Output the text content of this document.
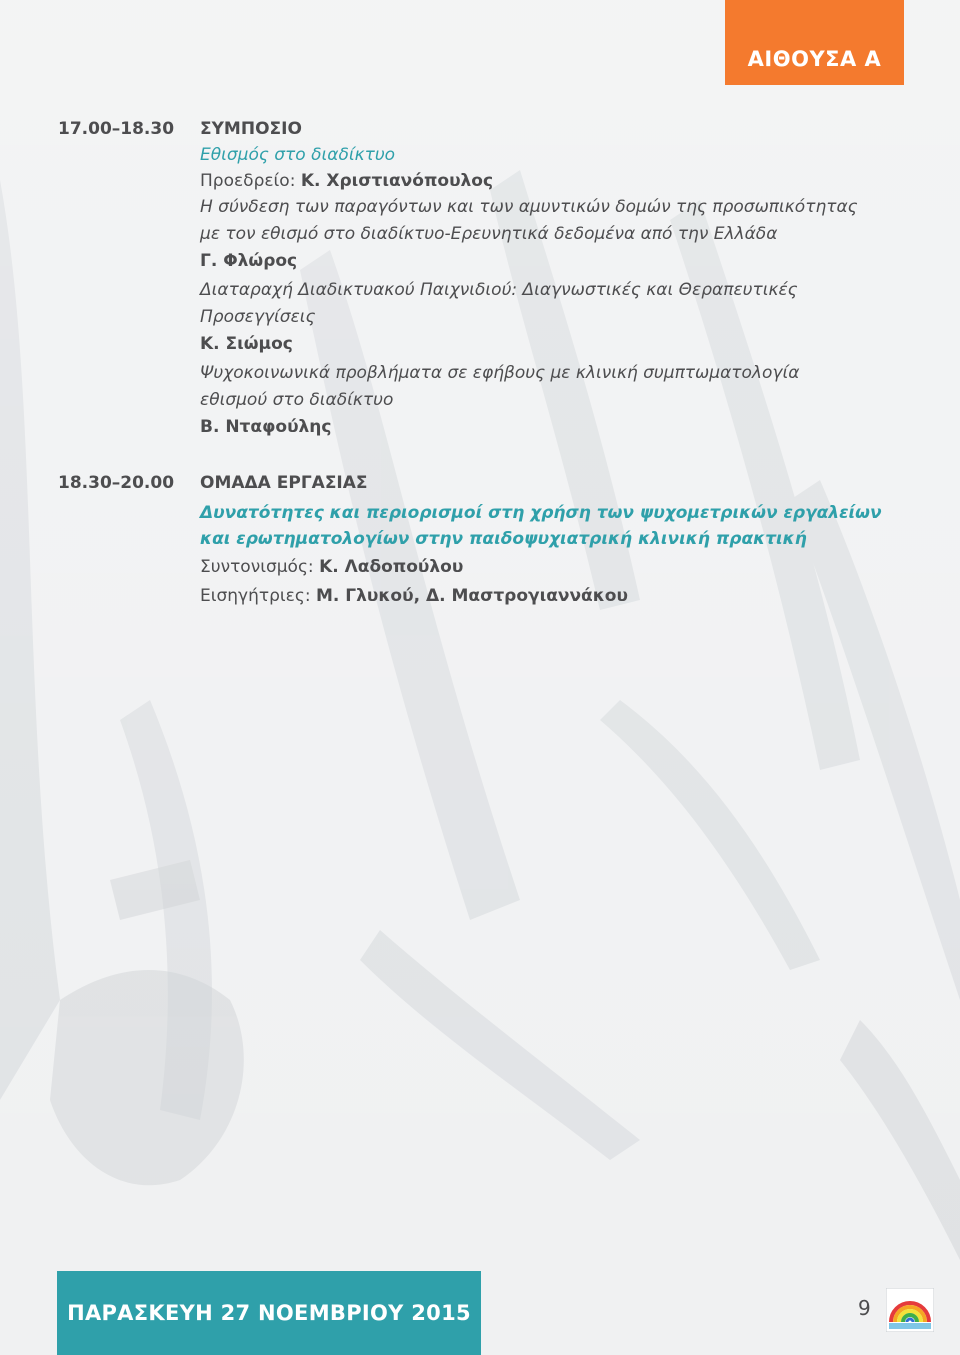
ΑΙΘΟΥΣΑ Α
17.00–18.30	ΣΥΜΠΟΣΙΟ
Εθισμός στο διαδίκτυο
Προεδρείο: Κ. Χριστιανόπουλος
Η σύνδεση των παραγόντων και των αμυντικών δομών της προσωπικότητας
με τον εθισμό στο διαδίκτυο-Ερευνητικά δεδομένα από την Ελλάδα
Γ. Φλώρος
Διαταραχή Διαδικτυακού Παιχνιδιού: Διαγνωστικές και Θεραπευτικές
Προσεγγίσεις
Κ. Σιώμος
Ψυχοκοινωνικά προβλήματα σε εφήβους με κλινική συμπτωματολογία
εθισμού στο διαδίκτυο
Β. Νταφούλης
18.30–20.00	ΟΜΑΔΑ ΕΡΓΑΣΙΑΣ
Δυνατότητες και περιορισμοί στη χρήση των ψυχομετρικών εργαλείων
και ερωτηματολογίων στην παιδοψυχιατρική κλινική πρακτική
Συντονισμός: Κ. Λαδοπούλου
Εισηγήτριες: Μ. Γλυκού, Δ. Μαστρογιαννάκου
ΠΑΡΑΣΚΕΥΗ 27 ΝΟΕΜΒΡΙΟΥ 2015	9
